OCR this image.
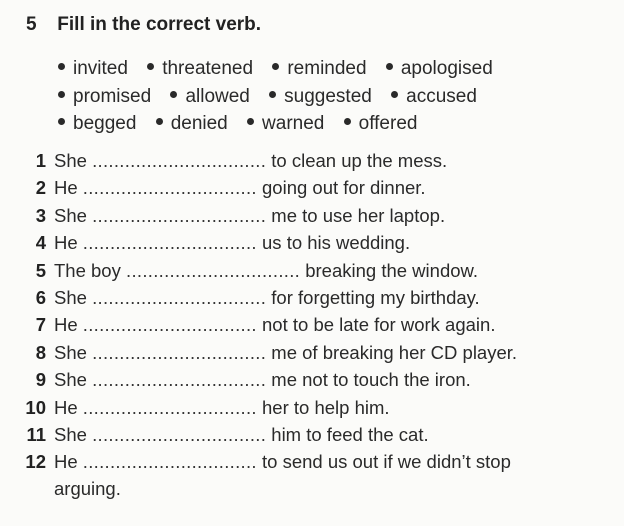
5 Fill in the correct verb.
invited threatened reminded apologised
promised allowed suggested accused
begged denied warned offered
1 She ................................ to clean up the mess.
2 He ................................ going out for dinner.
3 She ................................ me to use her laptop.
4 He ................................ us to his wedding.
5 The boy ................................ breaking the window.
6 She ................................ for forgetting my birthday.
7 He ................................ not to be late for work again.
8 She ................................ me of breaking her CD player.
9 She ................................ me not to touch the iron.
10 He ................................ her to help him.
11 She ................................ him to feed the cat.
12 He ................................ to send us out if we didn’t stop
arguing.
